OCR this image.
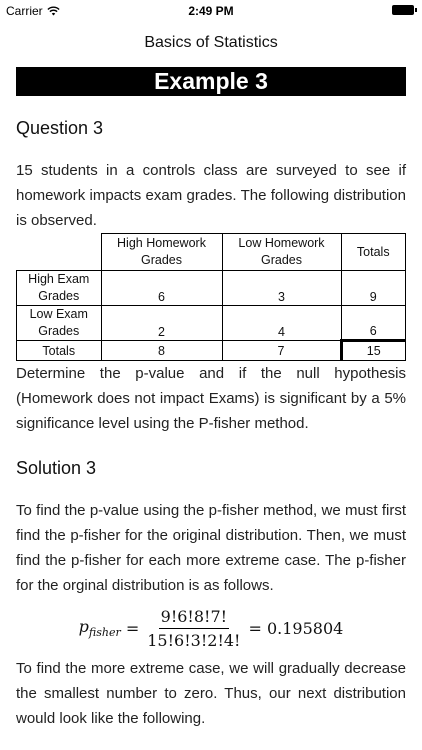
Carrier	2:49 PM
Basics of Statistics
Example 3
Question 3

15 students in a controls class are surveyed to see if homework impacts exam grades. The following distribution is observed.

	High Homework Grades	Low Homework Grades	Totals
High Exam Grades	6	3	9
Low Exam Grades	2	4	6
Totals	8	7	15

Determine the p-value and if the null hypothesis (Homework does not impact Exams) is significant by a 5% significance level using the P-fisher method.

Solution 3

To find the p-value using the p-fisher method, we must first find the p-fisher for the original distribution. Then, we must find the p-fisher for each more extreme case. The p-fisher for the orginal distribution is as follows.

$p_{fisher} = \frac{9!6!8!7!}{15!6!3!2!4!} = 0.195804$

To find the more extreme case, we will gradually decrease the smallest number to zero. Thus, our next distribution would look like the following.
